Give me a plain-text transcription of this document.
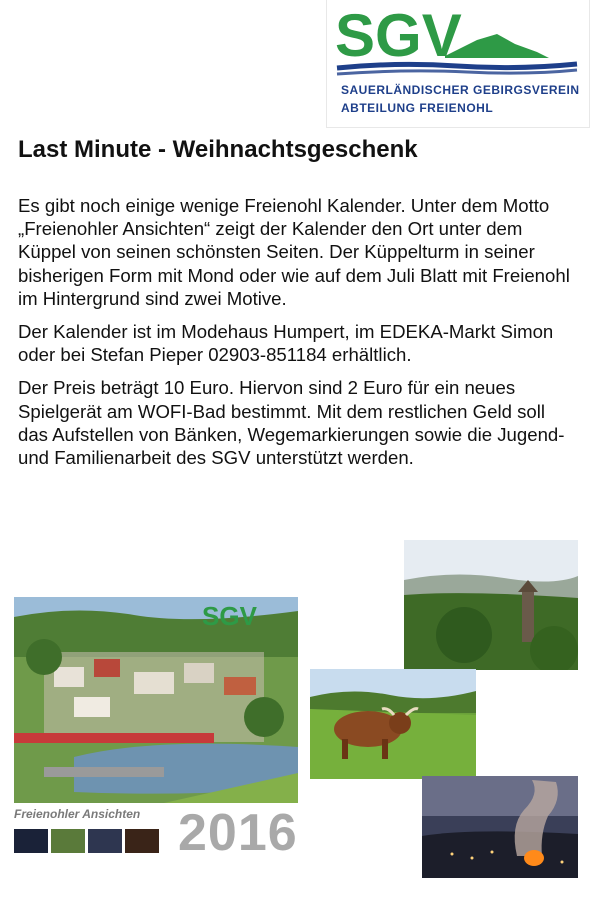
SGV
SAUERLÄNDISCHER GEBIRGSVEREIN
ABTEILUNG FREIENOHL
Last Minute - Weihnachtsgeschenk

Es gibt noch einige wenige Freienohl Kalender. Unter dem Motto „Freienohler Ansichten“ zeigt der Kalender den Ort unter dem Küppel von seinen schönsten Seiten. Der Küppelturm in seiner bisherigen Form mit Mond oder wie auf dem Juli Blatt mit Freienohl im Hintergrund sind zwei Motive.

Der Kalender ist im Modehaus Humpert, im EDEKA-Markt Simon oder bei Stefan Pieper 02903-851184 erhältlich.

Der Preis beträgt 10 Euro. Hiervon sind 2 Euro für ein neues Spielgerät am WOFI-Bad bestimmt. Mit dem restlichen Geld soll das Aufstellen von Bänken, Wegemarkierungen sowie die Jugend- und Familienarbeit des SGV unterstützt werden.

SGV
Freienohler Ansichten 2016
